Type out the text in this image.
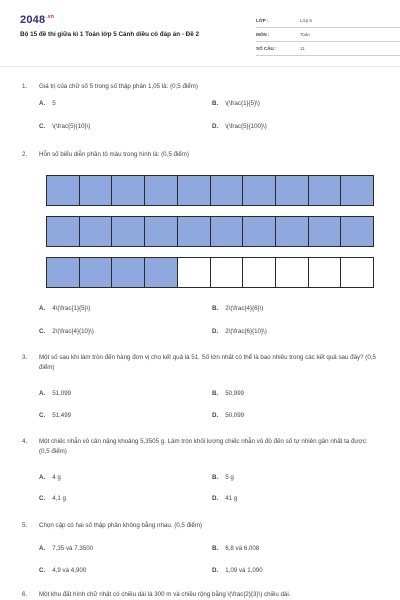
$2048^{.vn}$
Bộ 15 đề thi giữa kì 1 Toán lớp 5 Cánh diều có đáp án - Đề 2
LỚP :	Lớp 5
MÔN :	Toán
SỐ CÂU :	11
1. Giá trị của chữ số 5 trong số thập phân 1,05 là: (0,5 điểm)
A. 5	B. \(\frac{1}{5}\)
C. \(\frac{5}{10}\)	D. \(\frac{5}{100}\)
2. Hỗn số biểu diễn phần tô màu trong hình là: (0,5 điểm)
A. 4\(\frac{1}{5}\)	B. 2\(\frac{4}{6}\)
C. 2\(\frac{4}{10}\)	D. 2\(\frac{6}{10}\)
3. Một số sau khi làm tròn đến hàng đơn vị cho kết quả là 51. Số lớn nhất có thể là bao nhiêu trong các kết quả sau đây? (0,5 điểm)
A. 51,099	B. 50,999
C. 51,499	D. 50,099
4. Một chiếc nhẫn vỏ cân nặng khoảng 5,3505 g. Làm tròn khối lượng chiếc nhẫn vỏ đó đến số tự nhiên gần nhất ta được: (0,5 điểm)
A. 4 g	B. 5 g
C. 4,1 g	D. 41 g
5. Chọn cặp có hai số thập phân không bằng nhau. (0,5 điểm)
A. 7,35 và 7,3500	B. 6,8 và 6,008
C. 4,9 và 4,900	D. 1,09 và 1,090
6. Một khu đất hình chữ nhật có chiều dài là 300 m và chiều rộng bằng \(\frac{2}{3}\) chiều dài.
